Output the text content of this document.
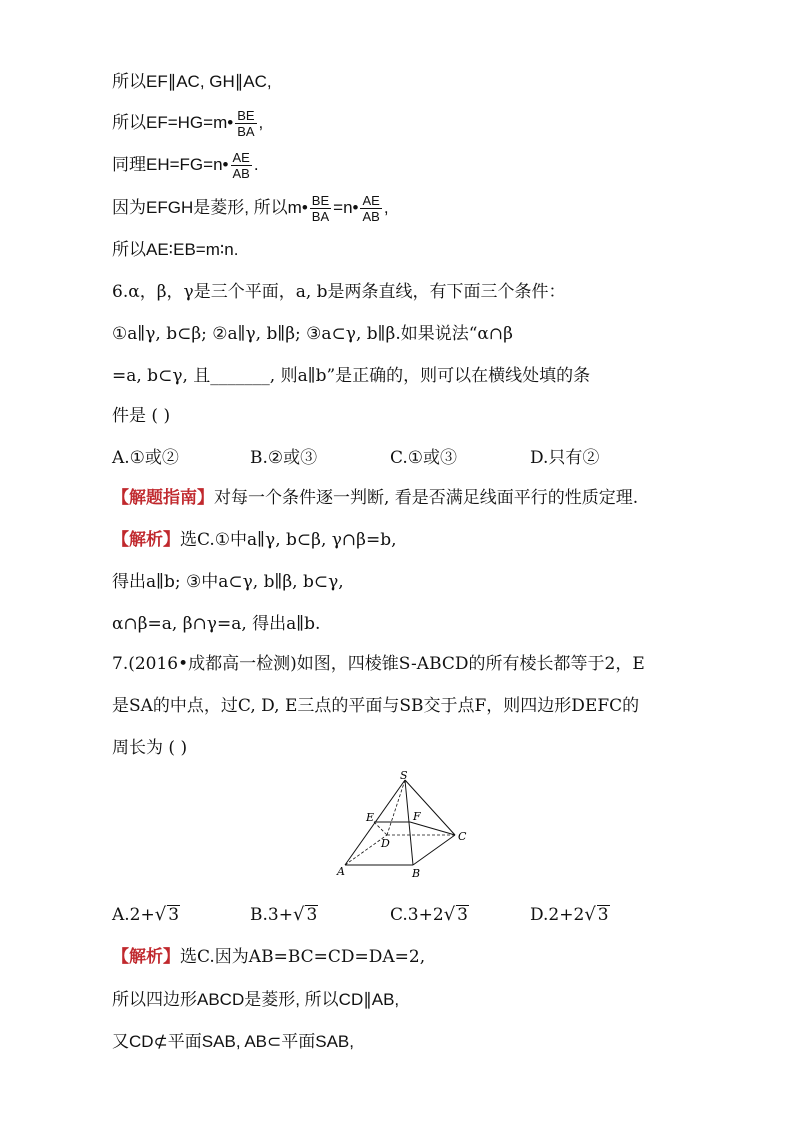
所以EF∥AC, GH∥AC,
所以EF=HG=m• $\frac{BE}{BA}$ ,
同理EH=FG=n• $\frac{AE}{AB}$ .
因为EFGH是菱形, 所以m• $\frac{BE}{BA}$ =n• $\frac{AE}{AB}$ ,
所以AE∶EB=m∶n.
6.α，β，γ是三个平面，a, b是两条直线，有下面三个条件：
①a∥γ, b⊂β; ②a∥γ, b∥β; ③a⊂γ, b∥β.如果说法“α∩β
=a, b⊂γ, 且_______, 则a∥b”是正确的，则可以在横线处填的条
件是 ( )
A.①或②	B.②或③	C.①或③	D.只有②
【解题指南】对每一个条件逐一判断, 看是否满足线面平行的性质定理.
【解析】选C.①中a∥γ, b⊂β, γ∩β=b,
得出a∥b; ③中a⊂γ, b∥β, b⊂γ,
α∩β=a, β∩γ=a, 得出a∥b.
7.(2016•成都高一检测)如图，四棱锥S-ABCD的所有棱长都等于2，E
是SA的中点，过C, D, E三点的平面与SB交于点F，则四边形DEFC的
周长为 ( )
S
E	F
D
C
A	B
A.2+√ 3	B.3+√ 3	C.3+2√ 3	D.2+2√ 3
【解析】选C.因为AB=BC=CD=DA=2,
所以四边形ABCD是菱形, 所以CD∥AB,
又CD⊄平面SAB, AB⊂平面SAB,
